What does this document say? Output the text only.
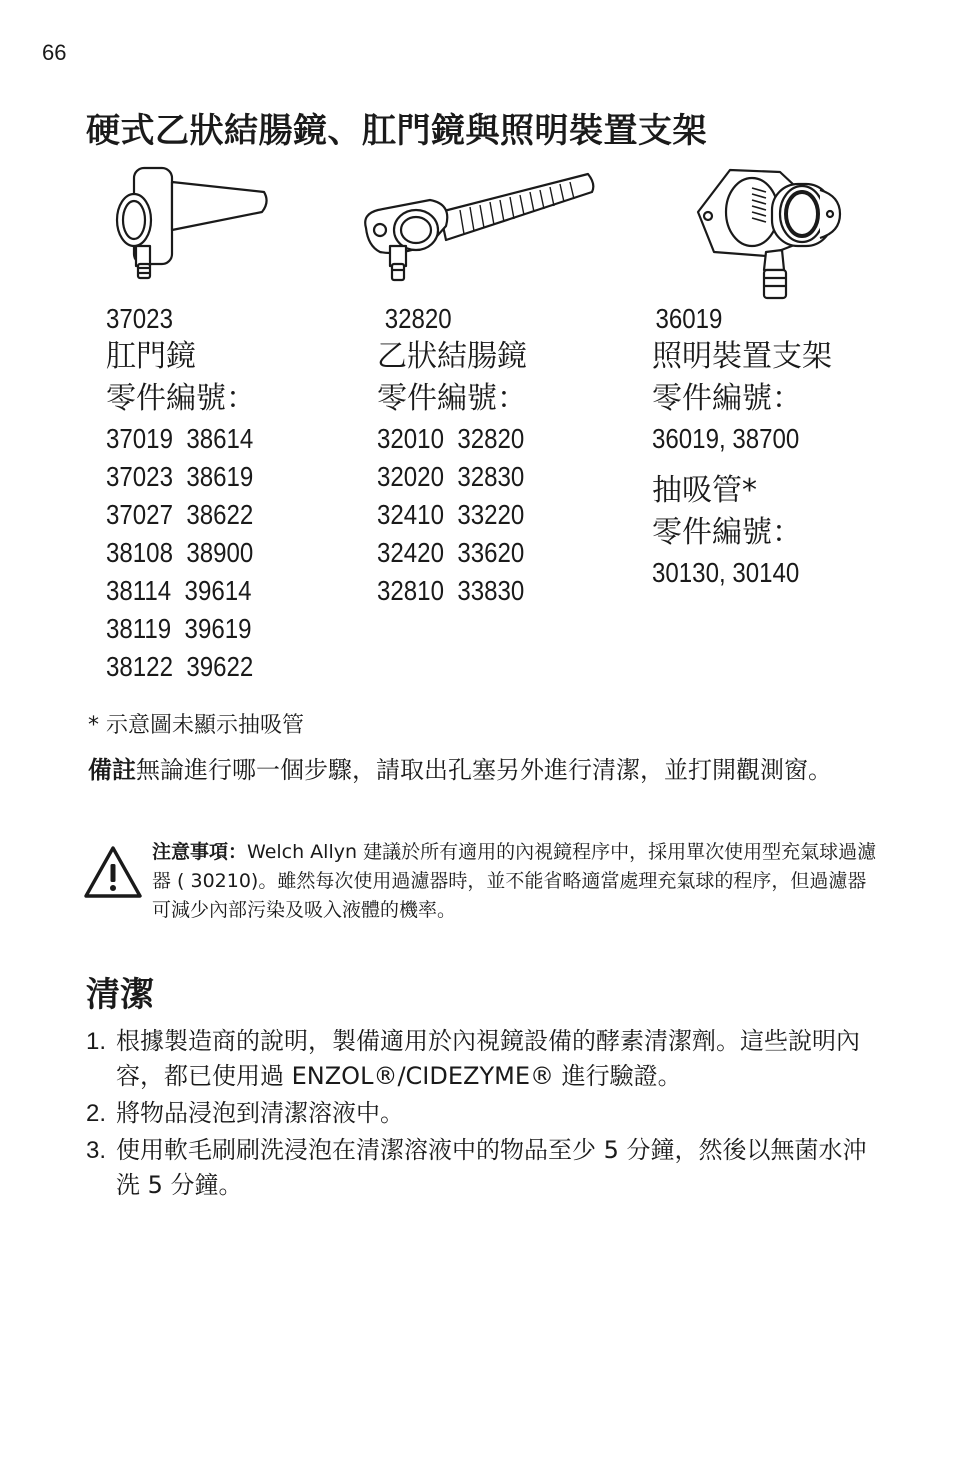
66
硬式乙狀結腸鏡、肛門鏡與照明裝置支架
37023
肛門鏡
零件編號：
37019  38614
37023  38619
37027  38622
38108  38900
38114  39614
38119  39619
38122  39622
32820
乙狀結腸鏡
零件編號：
32010  32820
32020  32830
32410  33220
32420  33620
32810  33830
36019
照明裝置支架
零件編號：
36019, 38700
抽吸管*
零件編號：
30130, 30140
* 示意圖未顯示抽吸管
備註無論進行哪一個步驟，請取出孔塞另外進行清潔，並打開觀測窗。
注意事項：Welch Allyn 建議於所有適用的內視鏡程序中，採用單次使用型充氣球過濾器 ( 30210)。雖然每次使用過濾器時，並不能省略適當處理充氣球的程序，但過濾器可減少內部污染及吸入液體的機率。
清潔
1. 根據製造商的說明，製備適用於內視鏡設備的酵素清潔劑。這些說明內容，都已使用過 ENZOL®/CIDEZYME® 進行驗證。
2. 將物品浸泡到清潔溶液中。
3. 使用軟毛刷刷洗浸泡在清潔溶液中的物品至少 5 分鐘，然後以無菌水沖洗 5 分鐘。
